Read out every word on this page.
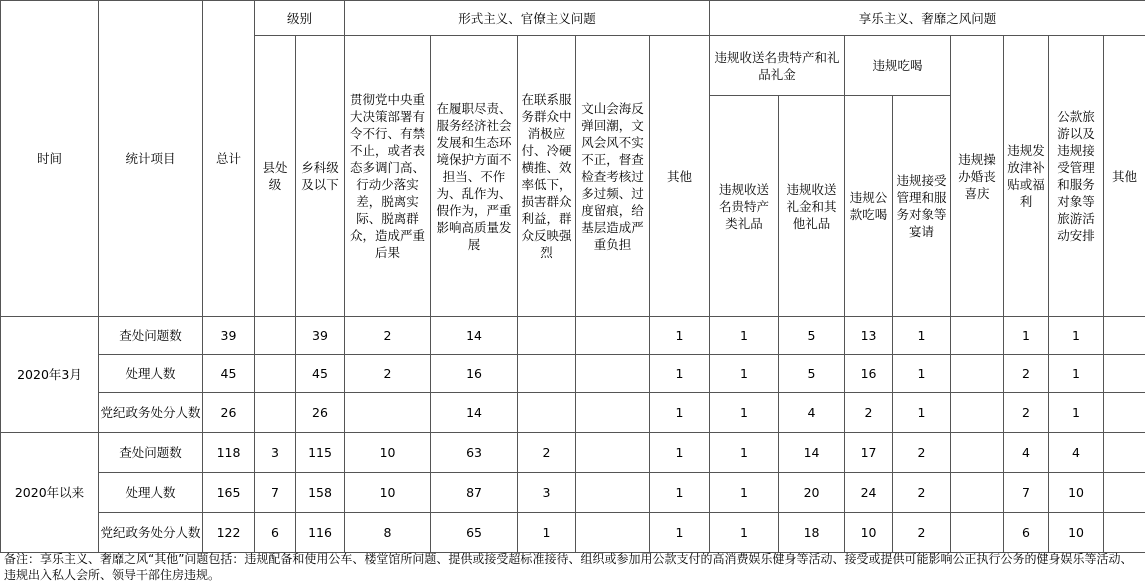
时间	统计项目	总计	级别		形式主义、官僚主义问题					享乐主义、奢靡之风问题							

			县处级	乡科级及以下	贯彻党中央重大决策部署有令不行、有禁不止，或者表态多调门高、行动少落实差，脱离实际、脱离群众，造成严重后果	在履职尽责、服务经济社会发展和生态环境保护方面不担当、不作为、乱作为、假作为，严重影响高质量发展	在联系服务群众中消极应付、冷硬横推、效率低下，损害群众利益，群众反映强烈	文山会海反弹回潮，文风会风不实不正，督查检查考核过多过频、过度留痕，给基层造成严重负担	其他	违规收送名贵特产和礼品礼金		违规吃喝		违规操办婚丧喜庆	违规发放津补贴或福利	公款旅游以及违规接受管理和服务对象等旅游活动安排	其他

										违规收送名贵特产类礼品	违规收送礼金和其他礼品	违规公款吃喝	违规接受管理和服务对象等宴请				

2020年3月	查处问题数	39		39	2	14			1	1	5	13	1		1	1	
	处理人数	45		45	2	16			1	1	5	16	1		2	1	
	党纪政务处分人数	26		26		14			1	1	4	2	1		2	1	
2020年以来	查处问题数	118	3	115	10	63	2		1	1	14	17	2		4	4	
	处理人数	165	7	158	10	87	3		1	1	20	24	2		7	10	
	党纪政务处分人数	122	6	116	8	65	1		1	1	18	10	2		6	10	
备注：享乐主义、奢靡之风“其他”问题包括：违规配备和使用公车、楼堂馆所问题、提供或接受超标准接待、组织或参加用公款支付的高消费娱乐健身等活动、接受或提供可能影响公正执行公务的健身娱乐等活动、违规出入私人会所、领导干部住房违规。
